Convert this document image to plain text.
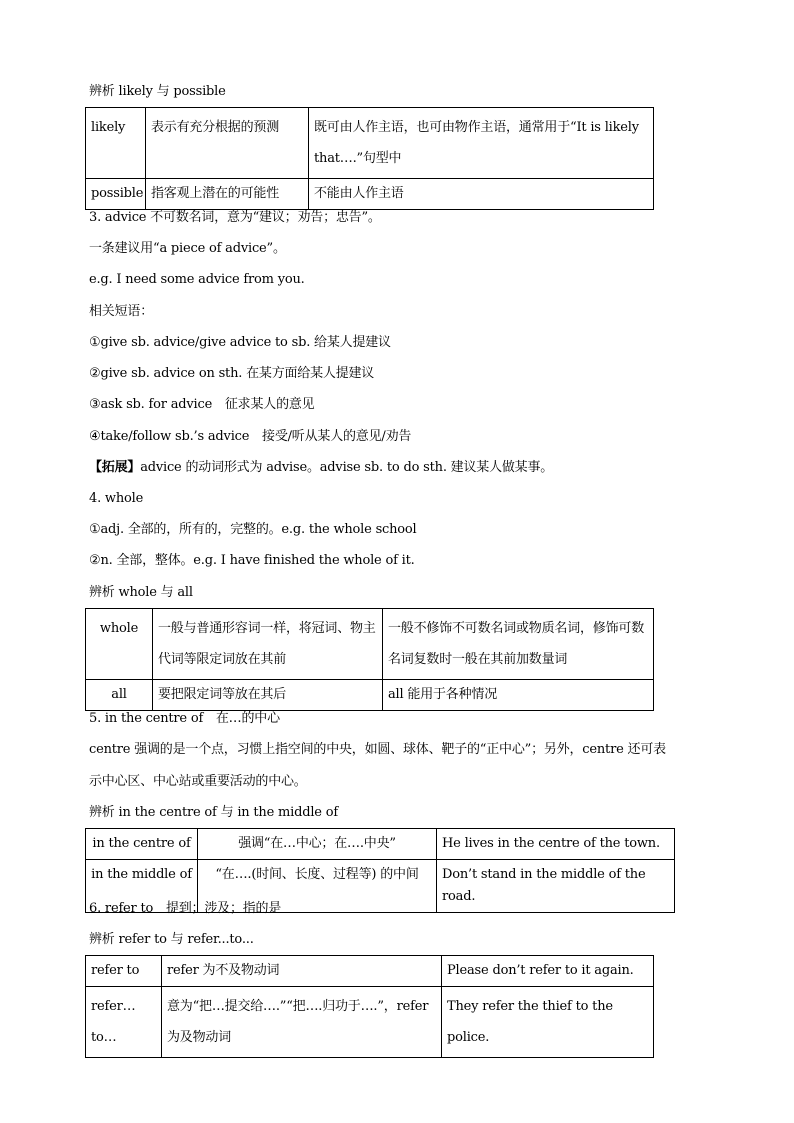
辨析 likely 与 possible
likely	表示有充分根据的预测	既可由人作主语，也可由物作主语，通常用于“It is likely that….”句型中
possible	指客观上潜在的可能性	不能由人作主语
3. advice 不可数名词，意为“建议；劝告；忠告”。
一条建议用“a piece of advice”。
e.g. I need some advice from you.
相关短语：
①give sb. advice/give advice to sb. 给某人提建议
②give sb. advice on sth. 在某方面给某人提建议
③ask sb. for advice　征求某人的意见
④take/follow sb.’s advice　接受/听从某人的意见/劝告
【拓展】advice 的动词形式为 advise。advise sb. to do sth. 建议某人做某事。
4. whole
①adj. 全部的，所有的，完整的。e.g. the whole school
②n. 全部，整体。e.g. I have finished the whole of it.
辨析 whole 与 all
whole	一般与普通形容词一样，将冠词、物主代词等限定词放在其前	一般不修饰不可数名词或物质名词，修饰可数名词复数时一般在其前加数量词
all	要把限定词等放在其后	all 能用于各种情况
5. in the centre of　在…的中心
centre 强调的是一个点，习惯上指空间的中央，如圆、球体、靶子的“正中心”；另外，centre 还可表
示中心区、中心站或重要活动的中心。
辨析 in the centre of 与 in the middle of
in the centre of	强调“在…中心；在….中央”	He lives in the centre of the town.
in the middle of	“在….(时间、长度、过程等) 的中间	Don’t stand in the middle of the road.
6. refer to　提到；涉及；指的是
辨析 refer to 与 refer...to...
refer to	refer 为不及物动词	Please don’t refer to it again.
refer…to…	意为“把…提交给….”“把….归功于….”，refer 为及物动词	They refer the thief to the police.
